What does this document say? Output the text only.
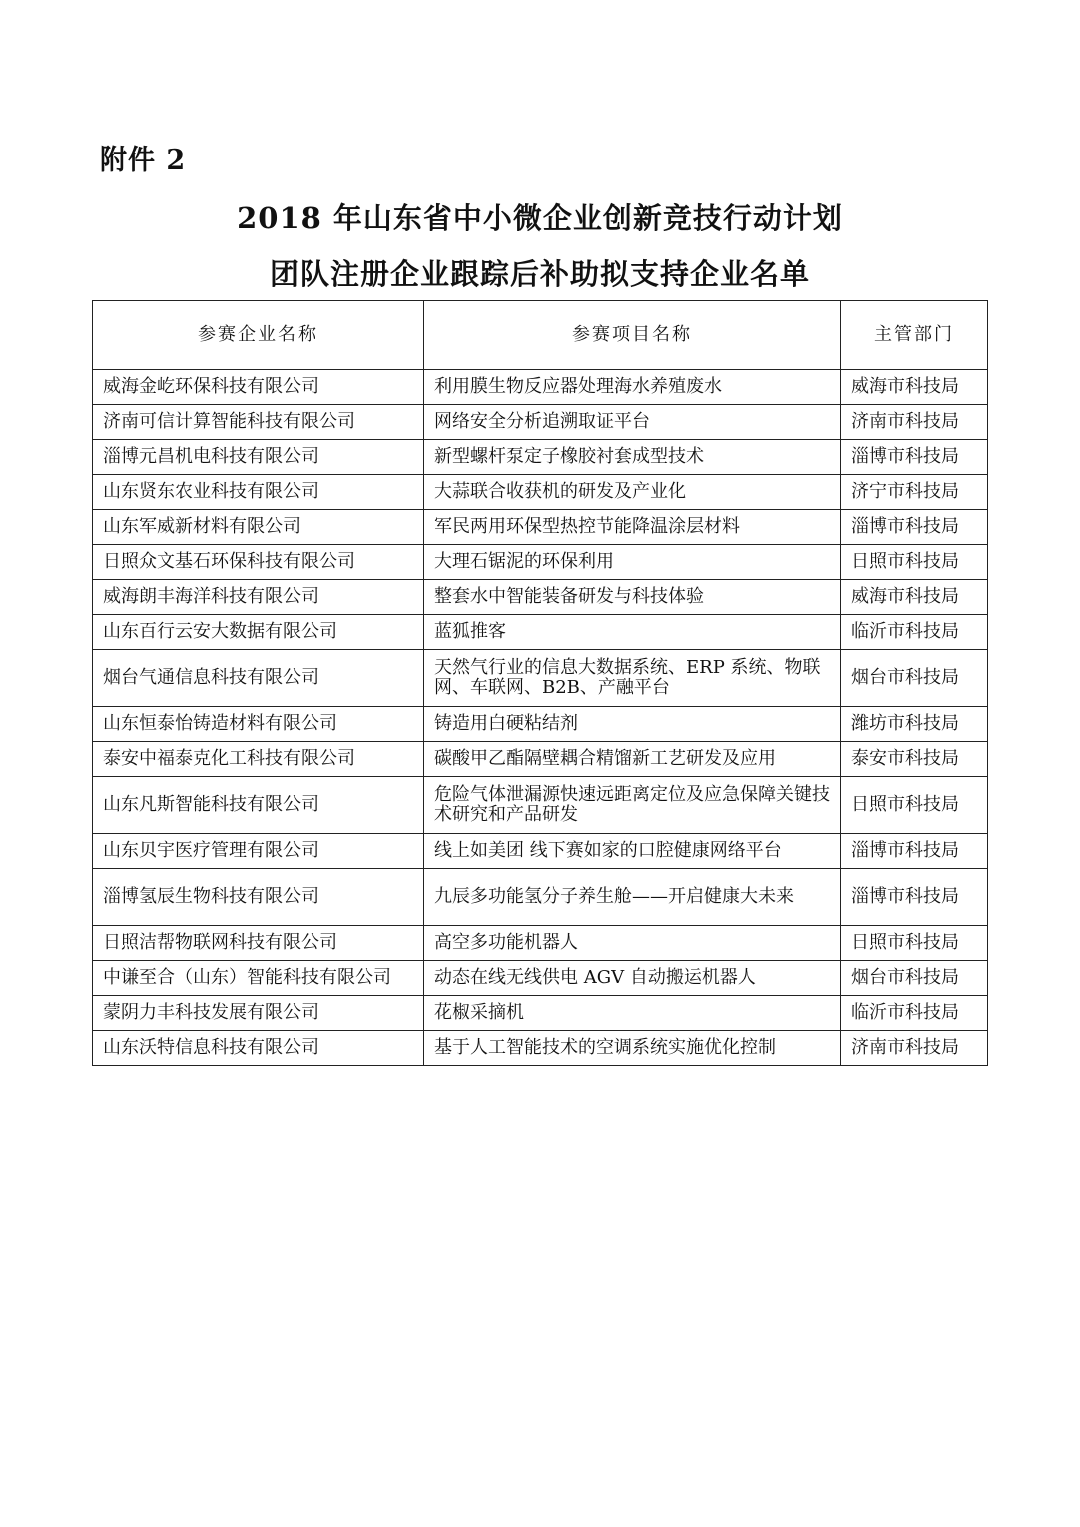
附件 2
2018 年山东省中小微企业创新竞技行动计划
团队注册企业跟踪后补助拟支持企业名单
参赛企业名称	参赛项目名称	主管部门
威海金屹环保科技有限公司	利用膜生物反应器处理海水养殖废水	威海市科技局
济南可信计算智能科技有限公司	网络安全分析追溯取证平台	济南市科技局
淄博元昌机电科技有限公司	新型螺杆泵定子橡胶衬套成型技术	淄博市科技局
山东贤东农业科技有限公司	大蒜联合收获机的研发及产业化	济宁市科技局
山东军威新材料有限公司	军民两用环保型热控节能降温涂层材料	淄博市科技局
日照众文基石环保科技有限公司	大理石锯泥的环保利用	日照市科技局
威海朗丰海洋科技有限公司	整套水中智能装备研发与科技体验	威海市科技局
山东百行云安大数据有限公司	蓝狐推客	临沂市科技局
烟台气通信息科技有限公司	天然气行业的信息大数据系统、ERP 系统、物联网、车联网、B2B、产融平台	烟台市科技局
山东恒泰怡铸造材料有限公司	铸造用白硬粘结剂	潍坊市科技局
泰安中福泰克化工科技有限公司	碳酸甲乙酯隔壁耦合精馏新工艺研发及应用	泰安市科技局
山东凡斯智能科技有限公司	危险气体泄漏源快速远距离定位及应急保障关键技术研究和产品研发	日照市科技局
山东贝宇医疗管理有限公司	线上如美团 线下赛如家的口腔健康网络平台	淄博市科技局
淄博氢辰生物科技有限公司	九辰多功能氢分子养生舱——开启健康大未来	淄博市科技局
日照洁帮物联网科技有限公司	高空多功能机器人	日照市科技局
中谦至合（山东）智能科技有限公司	动态在线无线供电 AGV 自动搬运机器人	烟台市科技局
蒙阴力丰科技发展有限公司	花椒采摘机	临沂市科技局
山东沃特信息科技有限公司	基于人工智能技术的空调系统实施优化控制	济南市科技局
